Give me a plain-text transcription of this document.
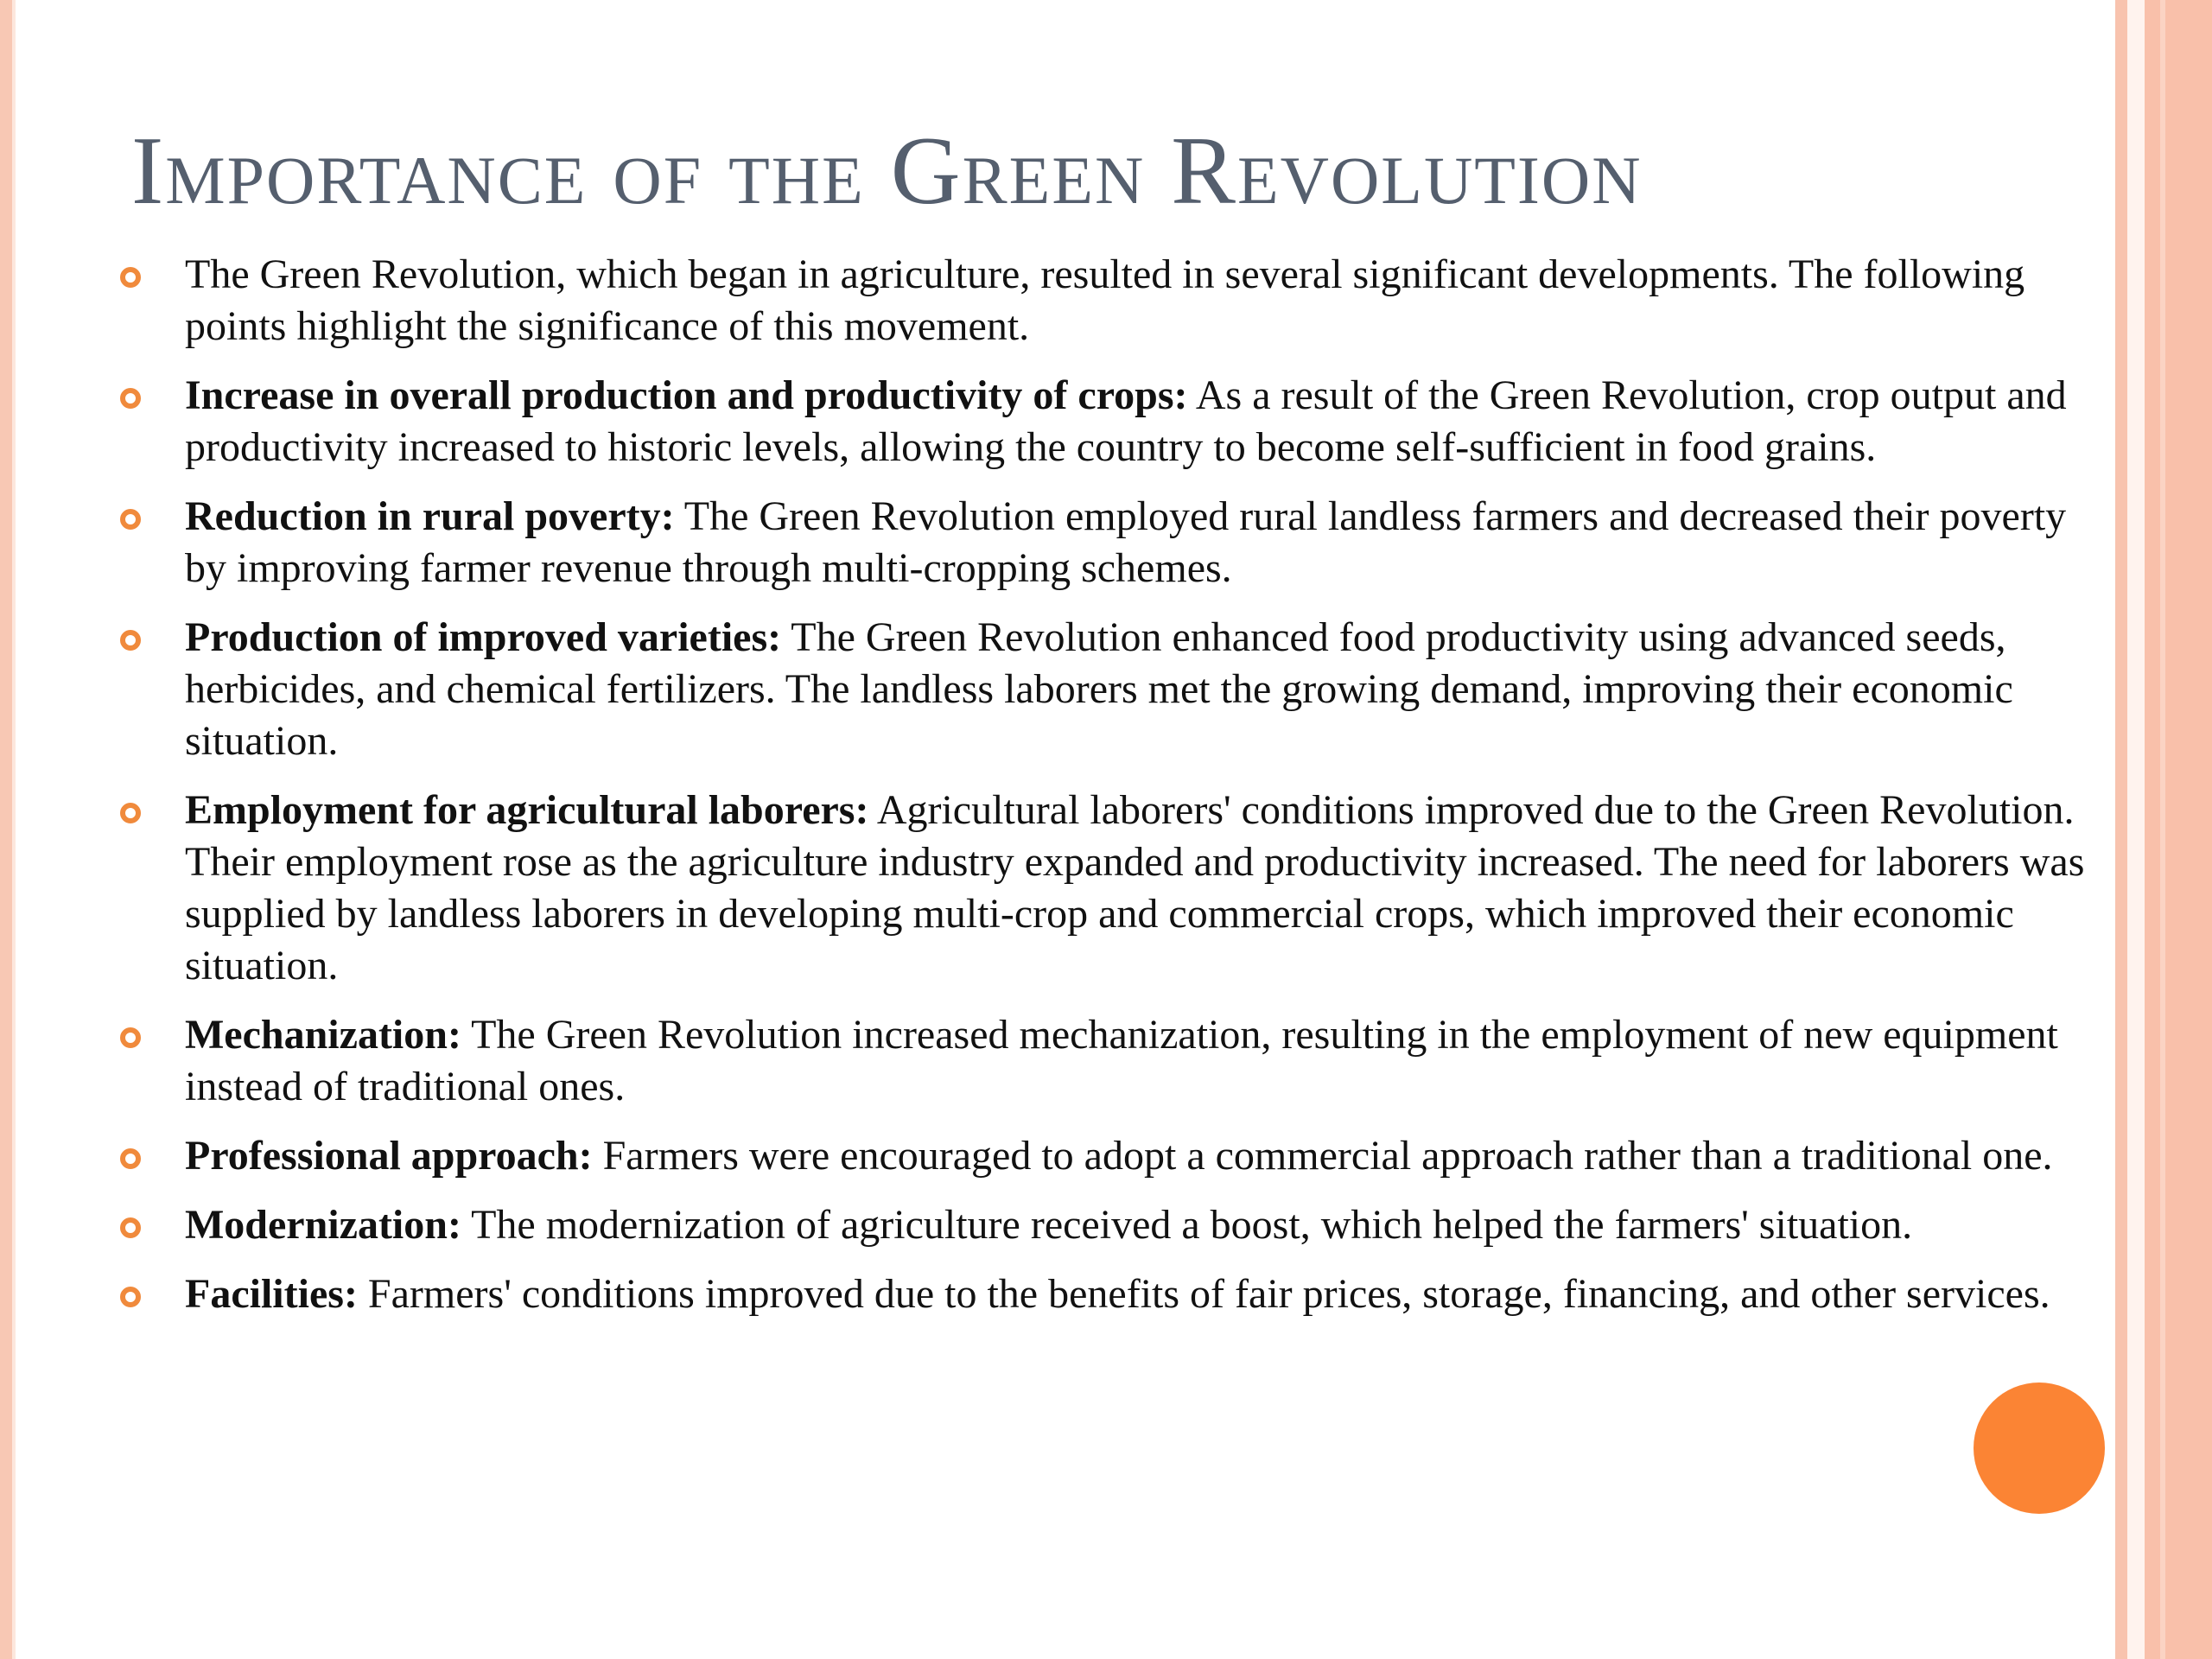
Importance of the Green Revolution
The Green Revolution, which began in agriculture, resulted in several significant developments. The following points highlight the significance of this movement.
Increase in overall production and productivity of crops: As a result of the Green Revolution, crop output and productivity increased to historic levels, allowing the country to become self-sufficient in food grains.
Reduction in rural poverty: The Green Revolution employed rural landless farmers and decreased their poverty by improving farmer revenue through multi-cropping schemes.
Production of improved varieties: The Green Revolution enhanced food productivity using advanced seeds, herbicides, and chemical fertilizers. The landless laborers met the growing demand, improving their economic situation.
Employment for agricultural laborers: Agricultural laborers' conditions improved due to the Green Revolution. Their employment rose as the agriculture industry expanded and productivity increased. The need for laborers was supplied by landless laborers in developing multi-crop and commercial crops, which improved their economic situation.
Mechanization: The Green Revolution increased mechanization, resulting in the employment of new equipment instead of traditional ones.
Professional approach: Farmers were encouraged to adopt a commercial approach rather than a traditional one.
Modernization: The modernization of agriculture received a boost, which helped the farmers' situation.
Facilities: Farmers' conditions improved due to the benefits of fair prices, storage, financing, and other services.
